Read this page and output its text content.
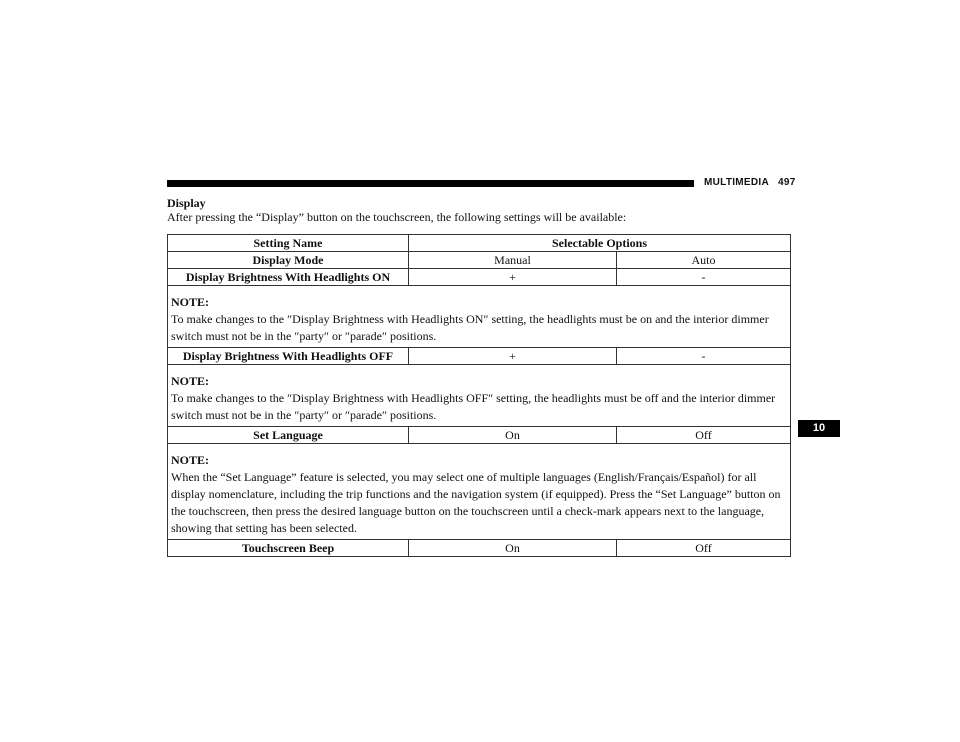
MULTIMEDIA 497
10
Display
After pressing the “Display” button on the touchscreen, the following settings will be available:
Setting Name	Selectable Options	
Display Mode	Manual	Auto
Display Brightness With Headlights ON	+	-

NOTE:
To make changes to the ″Display Brightness with Headlights ON″ setting, the headlights must be on and the interior dimmer switch must not be in the ″party″ or ″parade″ positions.		
Display Brightness With Headlights OFF	+	-

NOTE:
To make changes to the ″Display Brightness with Headlights OFF″ setting, the headlights must be off and the interior dimmer switch must not be in the ″party″ or ″parade″ positions.		
Set Language	On	Off

NOTE:
When the “Set Language” feature is selected, you may select one of multiple languages (English/Français/Español) for all display nomenclature, including the trip functions and the navigation system (if equipped). Press the “Set Language” button on the touchscreen, then press the desired language button on the touchscreen until a check-mark appears next to the language, showing that setting has been selected.		
Touchscreen Beep	On	Off
